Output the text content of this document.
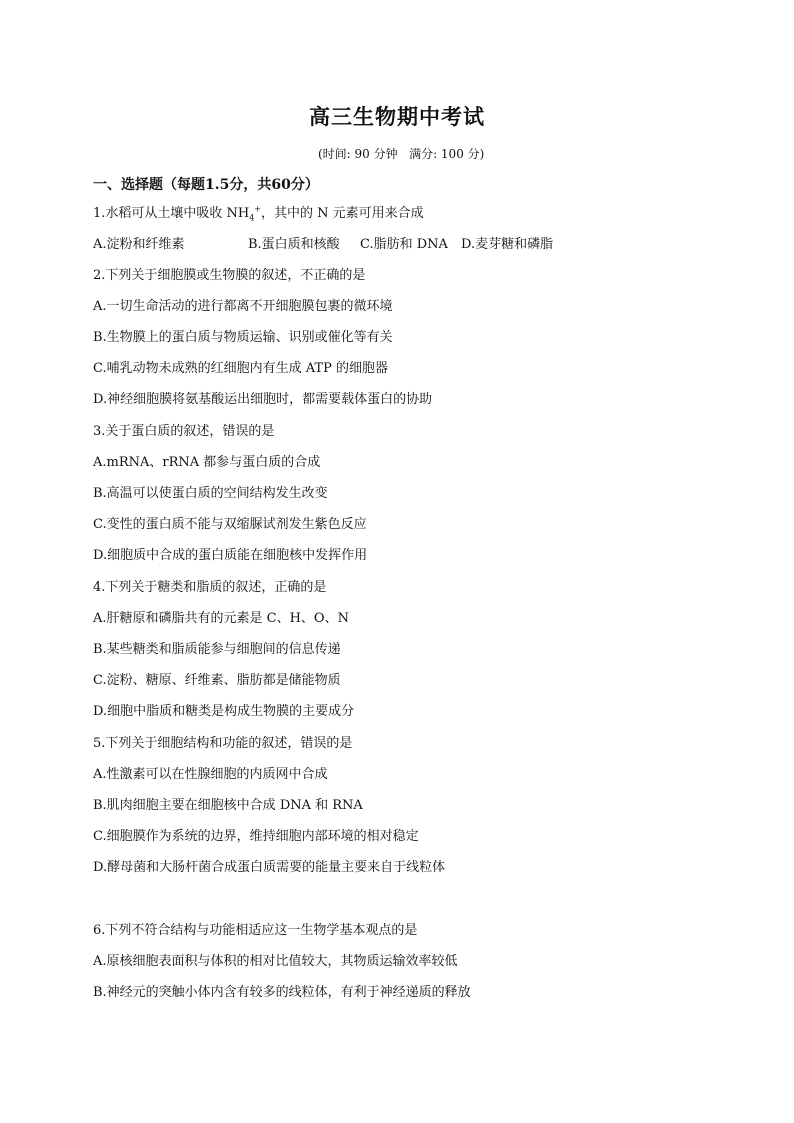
高三生物期中考试
(时间: 90 分钟   满分: 100 分)
一、选择题（每题1.5分，共60分）
1.水稻可从土壤中吸收 $NH_4^+$，其中的 N 元素可用来合成
A.淀粉和纤维素	B.蛋白质和核酸 C.脂肪和 DNA D.麦芽糖和磷脂
2.下列关于细胞膜或生物膜的叙述，不正确的是
A.一切生命活动的进行都离不开细胞膜包裹的微环境
B.生物膜上的蛋白质与物质运输、识别或催化等有关
C.哺乳动物未成熟的红细胞内有生成 ATP 的细胞器
D.神经细胞膜将氨基酸运出细胞时，都需要载体蛋白的协助
3.关于蛋白质的叙述，错误的是
A.mRNA、rRNA 都参与蛋白质的合成
B.高温可以使蛋白质的空间结构发生改变
C.变性的蛋白质不能与双缩脲试剂发生紫色反应
D.细胞质中合成的蛋白质能在细胞核中发挥作用
4.下列关于糖类和脂质的叙述，正确的是
A.肝糖原和磷脂共有的元素是 C、H、O、N
B.某些糖类和脂质能参与细胞间的信息传递
C.淀粉、糖原、纤维素、脂肪都是储能物质
D.细胞中脂质和糖类是构成生物膜的主要成分
5.下列关于细胞结构和功能的叙述，错误的是
A.性激素可以在性腺细胞的内质网中合成
B.肌肉细胞主要在细胞核中合成 DNA 和 RNA
C.细胞膜作为系统的边界，维持细胞内部环境的相对稳定
D.酵母菌和大肠杆菌合成蛋白质需要的能量主要来自于线粒体
6.下列不符合结构与功能相适应这一生物学基本观点的是
A.原核细胞表面积与体积的相对比值较大，其物质运输效率较低
B.神经元的突触小体内含有较多的线粒体，有利于神经递质的释放
